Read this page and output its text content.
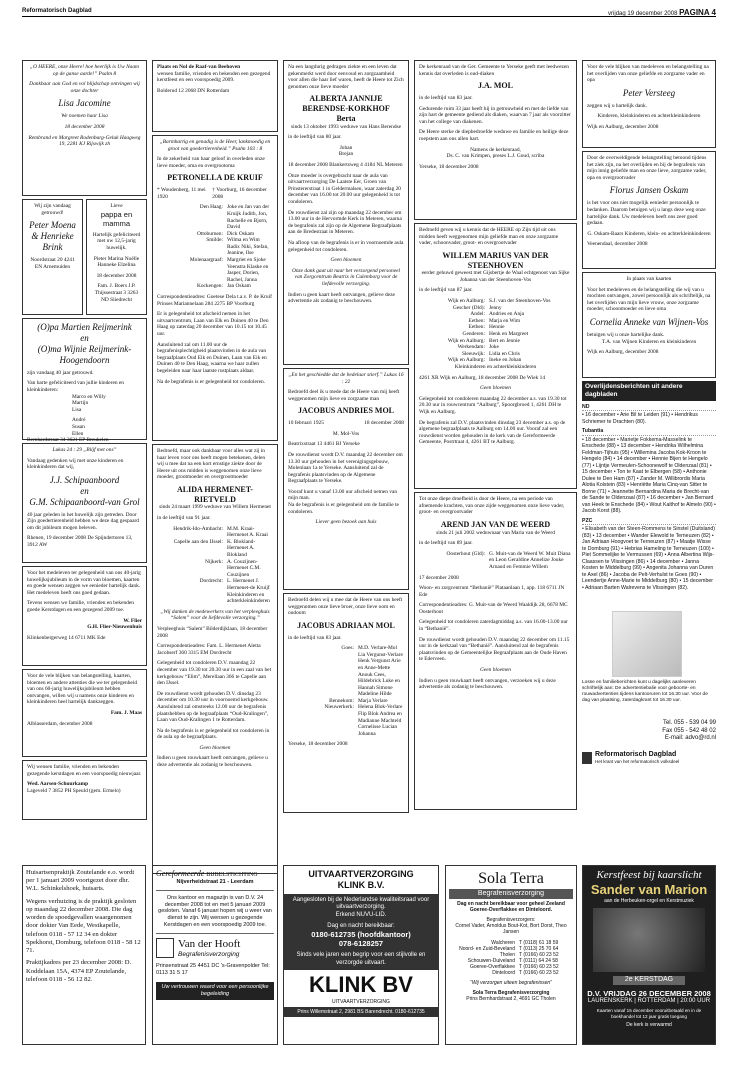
Reformatorisch Dagblad	vrijdag 19 december 2008 PAGINA 4
„O HEERE, onze Heere! hoe heerlijk is Uw Naam op de ganse aarde!” Psalm 8
Dankbaar aan God en vol blijdschap ontvingen wij onze dochter
Lisa Jacomine
We noemen haar Lisa
18 december 2008
Rembrand en Margreet Rodenburg-Geluk Haagweg 19, 2281 KJ Rijswijk zh
Wij zijn vandaag getrouwd!
Peter Moena & Henrieke Brink
Noordstraat 20 4241 EN Arnemuiden
Lieve
pappa en mamma
Hartelijk gefeliciteerd met uw 12,5-jarig huwelijk.
Pieter Marina Noëlle Hanneke Elzelina
18 december 2008
Fam. J. Boers J.P. Thijssestraat 3 3263 ND Sliedrecht
(O)pa Martien Reijmerink
en
(O)ma Wijnie Reijmerink-Hoogendoorn
zijn vandaag 40 jaar getrouwd.
Van harte gefeliciteerd van jullie kinderen en kleinkinderen:
Marco en Willy
Martijn
Lisa
André
Susan
Ellen
Bernhardstraat 34 3621 EP Breukelen
Lukas 24 : 29 „Blijf met ons”
Vandaag gedenken wij met onze kinderen en kleinkinderen dat wij,
J.J. Schipaanboord
en
G.M. Schipaanboord-van Grol
40 jaar geleden in het huwelijk zijn getreden. Door Zijn goedertierenheid hebben we deze dag gespaard om dit jubileum mogen beleven.
Rhenen, 19 december 2008 De Spijndertoren 13, 3912 AW
Voor het medeleven ter gelegenheid van ons 40-jarig huwelijksjubileum in de vorm van bloemen, kaarten en goede wensen zeggen we eenieder hartelijk dank. Het medeleven heeft ons goed gedaan.
Tevens wensen we familie, vrienden en bekenden goede Kerstdagen en een gezegend 2009 toe.
W. Flier
G.H. Flier-Nieuwenhuis
Klinkenbergerweg 14 6711 MK Ede
Voor de vele blijken van belangstelling, kaarten, bloemen en andere attenties die we ter gelegenheid van ons 60-jarig huwelijksjubileum hebben ontvangen, willen wij u namens onze kinderen en kleinkinderen heel hartelijk dankzeggen.
Fam. J. Maas
Alblasserdam, december 2008
Wij wensen familie, vrienden en bekenden gezegende kerstdagen en een voorspoedig nieuwjaar.
Wed. Aarsen-Schuurkamp
Lageveld 7 3852 PH Speuld (gem. Ermelo)
Plaats en Nol de Raaf-van Beehoven
wensen familie, vrienden en bekenden een gezegend kerstfeest en een voorspoedig 2009.
Bolderud 12 2068 DN Rotterdam
„Barmhartig en genadig is de Heer, lankmoedig en groot van goedertierenheid.” Psalm 103 : 8
In de zekerheid van haar geloof in overleden onze lieve moeder, oma en overgrootoma
PETRONELLA DE KRUIF
* Woudenberg, 11 mei 1920
† Voorburg, 16 december 2008
Den Haag: Joke en Jan van der Kruijk Judith, Jon, Rachelle en Bjorn, David
Ottoburnen: Dick Oskam
Smilde: Wilma en Wim Radix Niki, Stefan, Jeanine, Ilse
Molenaargraaf: Margriet en Sjoke Veenstra Klaske en Jasper, Dorien, Rachel, Janna
Kockengen: Jan Oskam
Correspondentieadres: Goetese Dela t.a.v. P. de Kruif Prinses Mariannelaan 284 2275 BP Voorburg
Er is gelegenheid tot afscheid nemen in het uitvaartcentrum, Laan van Elk en Duinen 40 te Den Haag op zaterdag 20 december van 10.15 tot 10.45 uur.
Aansluitend zal om 11.00 uur de begrafenisplechtigheid plaatsvinden in de aula van begraafplaats Oud Eik en Duinen, Laan van Eik en Duinen 40 te Den Haag, waarna we haar zullen begeleiden naar haar laatste rustplaats aldaar.
Na de begrafenis is er gelegenheid tot condoleren.
Bedroefd, maar ook dankbaar voor alles wat zij in haar leven voor ons heeft mogen betekenen, delen wij u mee dat na een kort ernstige ziekte door de Heere uit ons midden is weggenomen onze lieve moeder, grootmoeder en overgrootmoeder
ALIDA HERMENET-RIETVELD
sinds 24 maart 1999 weduwe van Willem Hermenet
in de leeftijd van 91 jaar.
Hendrik-Ido-Ambacht: M.M. Kraai-Hermenet A. Kraai
Capelle aan den IJssel: K. Blokland-Hermenet A. Blokland
Nijkerk: A. Couzijnen-Hermenet C.M. Couzijnen
Dordrecht: L. Hermenet J. Hermenet-de Kruijf Kleinkinderen en achterkleinkinderen
„Wij danken de medewerkers van het verpleeghuis “Salem” voor de liefdevolle verzorging.”
Verpleeghuis “Salem” Bilderdijklaan, 18 december 2008
Correspondentieadres: Fam. L. Hermenet Aletta Jacobserf 360 3315 EM Dordrecht
Gelegenheid tot condoleren D.V. maandag 22 december van 19.30 tot 20.30 uur in een zaal van het kerkgebouw “Elim”, Merellaan 366 te Capelle aan den IJssel.
De rouwdienst wordt gehouden D.V. dinsdag 23 december om 10.30 uur in voornoemd kerkgebouw. Aansluitend zal omstreeks 12.00 uur de begrafenis plaatshebben op de begraafplaats “Oud-Kralingen”, Laan van Oud-Kralingen 1 te Rotterdam.
Na de begrafenis is er gelegenheid tot condoleren in de aula op de begraafplaats.
Geen bloemen
Indien u geen rouwkaart heeft ontvangen, gelieve u deze advertentie als zodanig te beschouwen.
Na een langdurig gedragen ziekte en een leven dat gekenmerkt werd door eenvoud en zorgzaamheid voor allen die haar lief waren, heeft de Heere tot Zich genomen onze lieve moeder
ALBERTA JANNIJE BERENDSE-KORKHOF
Berta
sinds 13 oktober 1993 weduwe van Hans Berendse
in de leeftijd van 80 jaar.
Johan
Brejan
18 december 2008 Blankertsweg 4 4184 NL Meteren
Onze moeder is overgebracht naar de aula van uitvaartverzorging De Laatste Eer, Groen van Prinstererstraat 1 in Geldermalsen, waar zaterdag 20 december van 16.00 tot 20.00 uur gelegenheid is tot condoleren.
De rouwdienst zal zijn op maandag 22 december om 13.00 uur in de Hervormde Kerk in Meteren, waarna de begrafenis zal zijn op de Algemene Begraafplaats aan de Bredestraat in Meteren.
Na afloop van de begrafenis is er in voornoemde aula gelegenheid tot condoleren.
Geen bloemen
Onze dank gaat uit naar het verzorgend personeel van Zorgcentrum Beatrix in Culemborg voor de liefdevolle verzorging.
Indien u geen kaart heeft ontvangen, gelieve deze advertentie als zodanig te beschouwen.
„En het geschiedde dat de bedelaar stierf.” Lukas 16 : 22
Bedroefd deel ik u mede dat de Heere van mij heeft weggenomen mijn lieve en zorgzame man
JACOBUS ANDRIES MOL
10 februari 1925	18 december 2008
M. Mol-Vos
Beatrixstraat 13 4461 BJ Yerseke
De rouwdienst wordt D.V. maandag 22 december om 13.30 uur gehouden in het verenigingsgebouw, Molenlaan 1a te Yerseke. Aansluitend zal de begrafenis plaatsvinden op de Algemene Begraafplaats te Yerseke.
Vooraf kunt u vanaf 13.00 uur afscheid nemen van mijn man.
Na de begrafenis is er gelegenheid om de familie te condoleren.
Liever geen bezoek aan huis
Bedroefd delen wij u mee dat de Heere van ons heeft weggenomen onze lieve broer, onze lieve oom en oudoom
JACOBUS ADRIAAN MOL
in de leeftijd van 83 jaar.
Goes: M.D. Verlare-Mol Lia Vergunst-Verlare Henk Vergunst Arie en Anne-Mette Anouk Cees, Hildebrick Luke en Hannah Simone Madeline Hilde
Bennekom: Marja Verlare
Nieuwerkerk: Helena Blok-Verlare Flip Blok Andrea en Madianne Machteld Cornelisse Lucian Johanna
Yerseke, 18 december 2008
De kerkenraad van de Ger. Gemeente te Yerseke geeft met leedwezen kennis dat overleden is oud-diaken
J.A. MOL
in de leeftijd van 83 jaar.
Gedurende ruim 33 jaar heeft hij in getrouwheid en met de liefde van zijn hart de gemeente gediend als diaken, waarvan 7 jaar als voorzitter van het college van diakenen.
De Heere sterke de diepbedroefde weduwe en familie en heilige deze roepstem aan ons allen hart.
Namens de kerkenraad,
Ds. C. van Krimpen, preses L.J. Goud, scriba
Yerseke, 18 december 2008
Bedroefd geven wij u kennis dat de HEERE op Zijn tijd uit ons midden heeft weggenomen mijn geliefde man en onze zorgzame vader, schoonvader, groot- en overgrootvader
WILLEM MARIUS VAN DER STEENHOVEN
eerder gehuwd geweest met Gijsbertje de Waal echtgenoot van Sijke Johanna van der Steenhoven-Vos
in de leeftijd van 87 jaar.
Wijk en Aalburg: S.J. van der Steenhoven-Vos
Gescher (Dld): Jenny
Andel: Andries en Anja
Eethen: Marja en Wim
Eethen: Hennie
Genderen: Henk en Margreet
Wijk en Aalburg: Bert en Jennie
Werkendam: Joke
Sleeuwijk: Lidia en Chris
Wijk en Aalburg: Ineke en Johan
Kleinkinderen en achterkleinkinderen
4261 XR Wijk en Aalburg, 18 december 2008 De Wiek 14
Geen bloemen
Gelegenheid tot condoleren maandag 22 december a.s. van 19.30 tot 20.30 uur in rouwcentrum “Aalburg”, Spoorgbroed 1, 4261 DH te Wijk en Aalburg.
De begrafenis zal D.V. plaatsvinden dinsdag 23 december a.s. op de algemene begraafplaats te Aalburg om 14.00 uur. Vooraf zal een rouwdienst worden gehouden in de kerk van de Gereformeerde Gemeente, Postrtraat 4, 4261 BT te Aalburg.
Tot onze diepe droefheid is door de Heere, na een periode van afnemende krachten, van onze zijde weggenomen onze lieve vader, groot- en overgrootvader
AREND JAN VAN DE WEERD
sinds 21 juli 2002 weduwnaar van Maria van de Weerd
in de leeftijd van 89 jaar.
Oosterhout (Gld): G. Muit-van de Weerd W. Muit Diana en Leon Geraldine Annelize Jouke Arnaud en Femmie Willem
17 december 2008
Woon- en zorgcentrum “Bethanië” Plataanlaan 1, app. 118 6711 JN Ede
Correspondentieadres: G. Muit-van de Weerd Waaldijk 28, 6678 MC Oosterhout
Gelegenheid tot condoleren zaterdagmiddag a.s. van 16.00-13.00 uur in “Bethanië”.
De rouwdienst wordt gehouden D.V. maandag 22 december om 11.15 uur in de kerkzaal van “Bethanië”. Aansluitend zal de begrafenis plaatsvinden op de Gemeentelijke Begraafplaats aan de Oude Haven te Ederveen.
Geen bloemen
Indien u geen rouwkaart heeft ontvangen, verzoeken wij u deze advertentie als zodanig te beschouwen.
Voor de vele blijken van medeleven en belangstelling na het overlijden van onze geliefde en zorgzame vader en opa
Peter Versteeg
zeggen wij u hartelijk dank.
Kinderen, kleinkinderen en achterkleinkinderen
Wijk en Aalburg, december 2008
Door de overweldigende belangstelling betoond tijdens het ziek zijn, na het overlijden en bij de begrafenis van mijn innig geliefde man en onze lieve, zorgzame vader, opa en overgrootvader
Florus Jansen Oskam
is het voor ons niet mogelijk eenieder persoonlijk te bedanken. Daarom betuigen wij u langs deze weg onze hartelijke dank. Uw medeleven heeft ons zeer goed gedaan.
G. Oskam-Baars Kinderen, klein- en achterkleinkinderen
Veenendaal, december 2008
In plaats van kaarten
Voor het medeleven en de belangstelling die wij van u mochten ontvangen, zowel persoonlijk als schriftelijk, na het overlijden van mijn lieve vrouw, onze zorgzame moeder, schoonmoeder en lieve oma
Cornelia Anneke van Wijnen-Vos
betuigen wij u onze hartelijke dank.
T.A. van Wijnen Kinderen en kleinkinderen
Wijk en Aalburg, december 2008
Overlijdensberichten uit andere dagbladen
ND
• 16 december • Arie Bil te Leiden (91) • Hendrikus Schriemer te Drachten (80).
Tubantia
• 18 december • Marietje Fokkema-Masselink te Enschede (88) • 13 december • Hendrika Wilhelmina Feldman-Tijhuis (95) • Willemina Jacoba Kok-Kroon te Hengelo (84) • 14 december • Hennie Bijen te Hengelo (77) • Lijntje Vermeulen-Schoonewolf te Oldenzaal (81) • 15 december • Ton te Kaat te Elbergen (58) • Anthonie Dulee te Den Ham (87) • Zander M. Willibrordis Maria Alotia Kolstein (83) • Henriëtte Maria Cinq-van Sitter te Borne (71) • Jeannette Bernardina Maria de Brecht-van de Sande te Oldenzaal (87) • 16 december • Jan Bernard van Heek te Enschede (84) • Wout Kalthof te Almelo (90) • Jacob Korst (88).
PZC
• Elisabeth van der Steen-Rommens te Sinstel (Duitsland) (83) • 13 december • Wander Elewold te Terneuzen (82) • Jan Adriaan Hoogvoet te Terneuzen (87) • Maatje Wisse te Domburg (91) • Hebrias Hameling te Terneuzen (100) • Piet Sommelijke te Vermussen (69) • Anna Albertina Wijs-Claassen te Vlissingen (86) • 14 december • Janna Kosten te Middelburg (99) • Angenita Johanna van Duren te Axel (86) • Jacoba de Pelt-Verhulst te Goes (90) • Leendertje Anne-Marie te Middelburg (80) • 15 december • Adriaan Barten Walrevens te Vlissingen (82).
Losse en familieberichten kunt u dagelijks aanleveren schriftelijk aan: De advertentiebalie voor geboorte- en rouwadvertenties tijdens kantooruren tot 16.30 uur. Voor de dag van plaatsing, zaterdagkrant tot 16.30 uur.
Tel. 055 - 539 04 99
Fax 055 - 542 48 02
E-mail: advo@rd.nl
Reformatorisch Dagblad
Het krant van het reformatorisch volksdeel
Huisartsenpraktijk Zoutelande e.o. wordt per 1 januari 2009 voortgezet door dhr. W.L. Schinkelshoek, huisarts.
Wegens verhuizing is de praktijk gesloten op maandag 22 december 2008. Die dag worden de spoedgevallen waargenomen door dokter Van Eede, Westkapelle, telefoon 0118 - 57 12 34 en dokter Spekhorst, Domburg, telefoon 0118 - 58 12 71.
Praktijkadres per 23 december 2008: D. Koddelaan 15A, 4374 EP Zoutelande, telefoon 0118 - 56 12 82.
Gereformeerde BIJBELSTICHTING
Nijverheidstraat 21 - Leerdam
Ons kantoor en magazijn is van D.V. 24 december 2008 tot en met 5 januari 2009 gesloten. Vanaf 6 januari hopen wij u weer van dienst te zijn. Wij wensen u gezegende Kerstdagen en een voorspoedig 2009 toe.
Van der Hooft
Begrafenisverzorging
Prinsenstraat 25 4451 DC 's-Gravenpolder Tel: 0113 31 5 17
Uw vertrouwen waard voor een persoonlijke begeleiding
UITVAARTVERZORGING
KLINK B.V.
Aangesloten bij de Nederlandse kwaliteitsraad voor uitvaartverzorging.
Erkend NUVU-LID.
Dag en nacht bereikbaar:
0180-612735 (hoofdkantoor)
078-6128257
Sinds vele jaren een begrip voor een stijlvolle en verzorgde uitvaart.
KLINK BV
UITVAARTVERZORGING
Prins Willemstraat 2, 2981 BS Barendrecht. 0180-612735
Sola Terra
Begrafenisverzorging
Dag en nacht bereikbaar voor geheel Zeeland
Goeree-Overflakkee en Dinteloord.
Begrafenisverzorgers:
Cornel Vader, Arnoldus Bout-Kot, Bort Dorst, Theo Jansen
Walcheren T (0118) 61 18 59
Noord- en Zuid-Beveland T (0113) 25 70 64
Tholen T (0166) 60 23 52
Schouwen-Duiveland T (0111) 64 24 58
Goeree-Overflakkee T (0166) 60 23 52
Dinteloord T (0166) 60 23 52
“Wij verzorgen uiteen begrafenissen”
Sola Terra Begrafenisverzorging
Prins Bernhardstraat 2, 4691 GC Tholen
Kerstfeest bij kaarslicht
Sander van Marion
aan de Herbeuken-orgel en Kerstmuziek
2e KERSTDAG
D.V. VRIJDAG 26 DECEMBER 2008
LAURENSKERK | ROTTERDAM | 20:00 UUR
Kaarten vanaf 15 december vooruitbetaald en in de boekhandel tot 12 jaar gratis toegang
De kerk is verwarmd
